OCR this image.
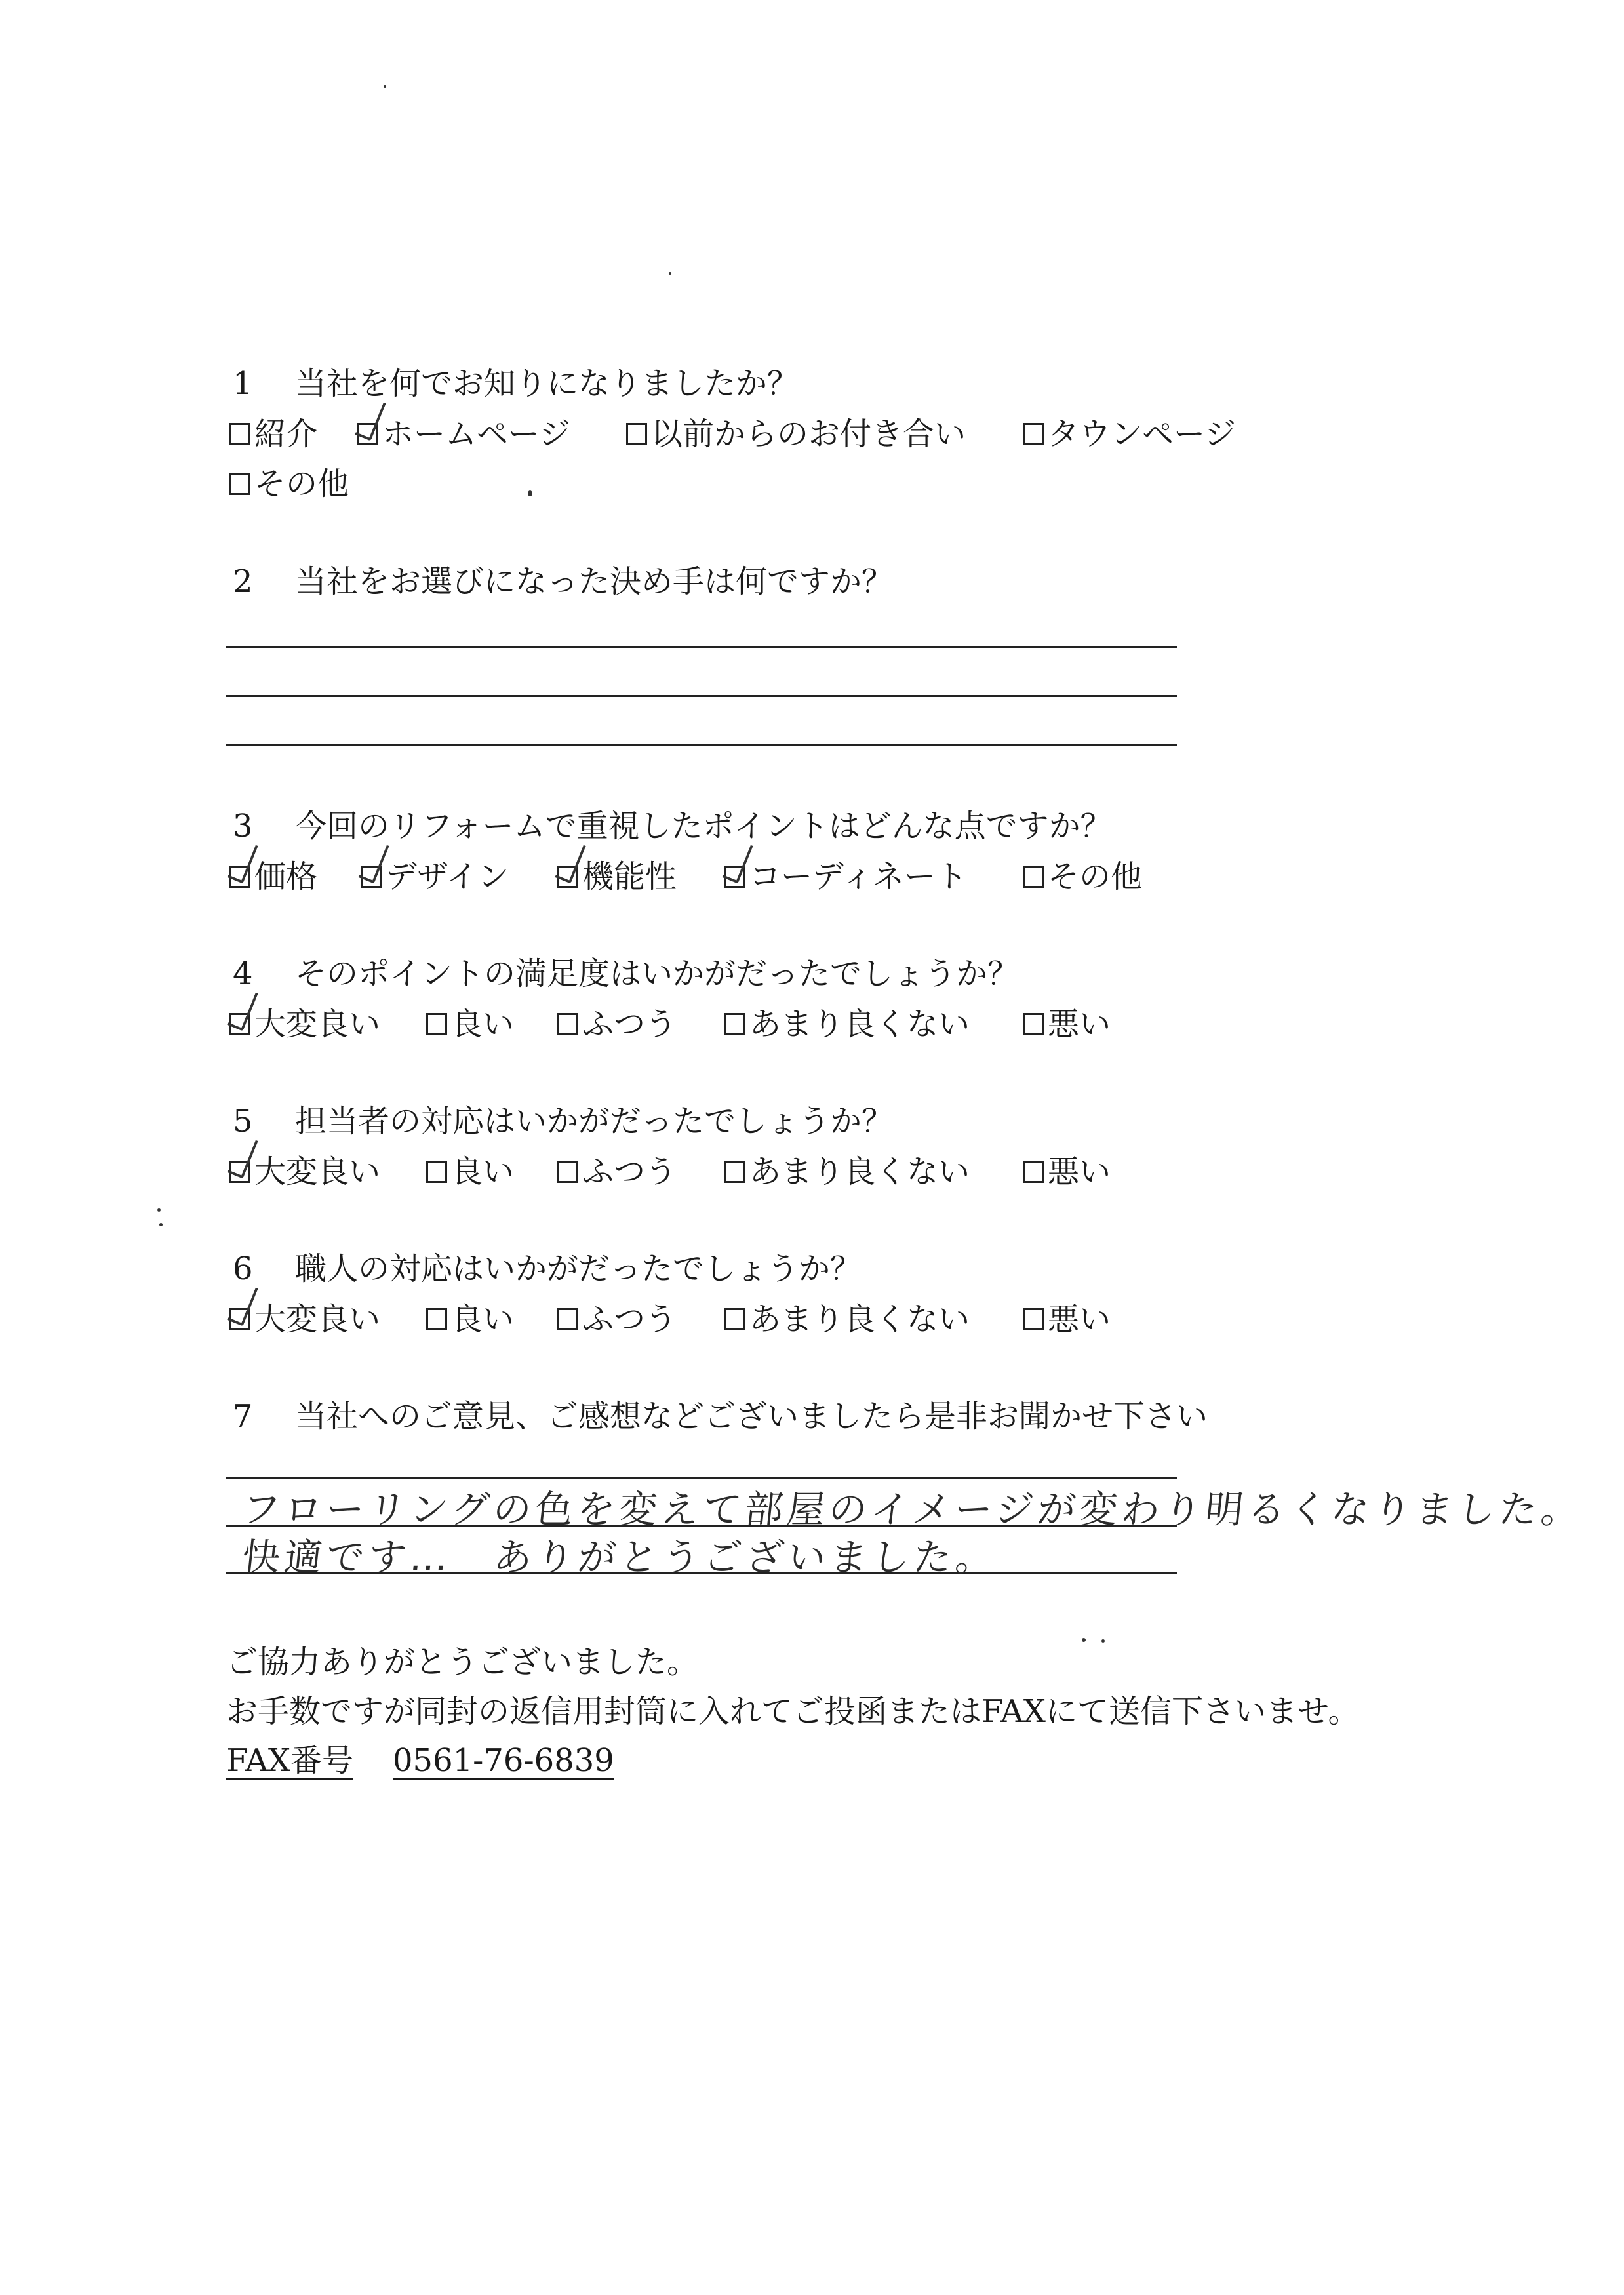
1 当社を何でお知りになりましたか？
紹介 ホームページ	以前からのお付き合い	タウンページ
その他
2 当社をお選びになった決め手は何ですか？
3 今回のリフォームで重視したポイントはどんな点ですか？
価格 デザイン 機能性 コーディネート	その他
4 そのポイントの満足度はいかがだったでしょうか？
大変良い 良い ふつう あまり良くない 悪い
5 担当者の対応はいかがだったでしょうか？
大変良い 良い ふつう あまり良くない 悪い
6 職人の対応はいかがだったでしょうか？
大変良い 良い ふつう あまり良くない 悪い
7 当社へのご意見、ご感想などございましたら是非お聞かせ下さい
フローリングの色を変えて部屋のイメージが変わり明るくなりました。
快適です…　ありがとうございました。
ご協力ありがとうございました。
お手数ですが同封の返信用封筒に入れてご投函またはFAXにて送信下さいませ。
FAX番号 0561-76-6839
